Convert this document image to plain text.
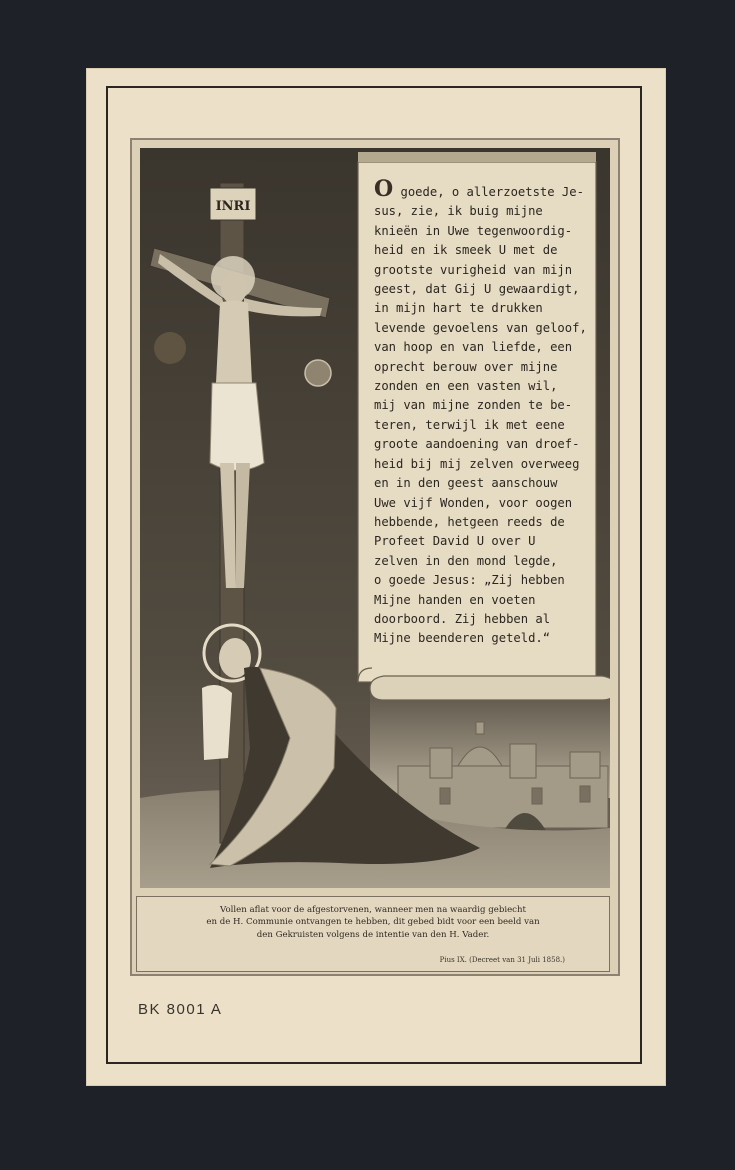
INRI
O goede, o allerzoetste Je-
sus, zie, ik buig mijne
knieën in Uwe tegenwoordig-
heid en ik smeek U met de
grootste vurigheid van mijn
geest, dat Gij U gewaardigt,
in mijn hart te drukken
levende gevoelens van geloof,
van hoop en van liefde, een
oprecht berouw over mijne
zonden en een vasten wil,
mij van mijne zonden te be-
teren, terwijl ik met eene
groote aandoening van droef-
heid bij mij zelven overweeg
en in den geest aanschouw
Uwe vijf Wonden, voor oogen
hebbende, hetgeen reeds de
Profeet David U over U
zelven in den mond legde,
o goede Jesus: „Zij hebben
Mijne handen en voeten
doorboord. Zij hebben al
Mijne beenderen geteld.“
Vollen aflat voor de afgestorvenen, wanneer men na waardig gebiecht
en de H. Communie ontvangen te hebben, dit gebed bidt voor een beeld van
den Gekruisten volgens de intentie van den H. Vader.
Pius IX. (Decreet van 31 Juli 1858.)
BK 8001 A
